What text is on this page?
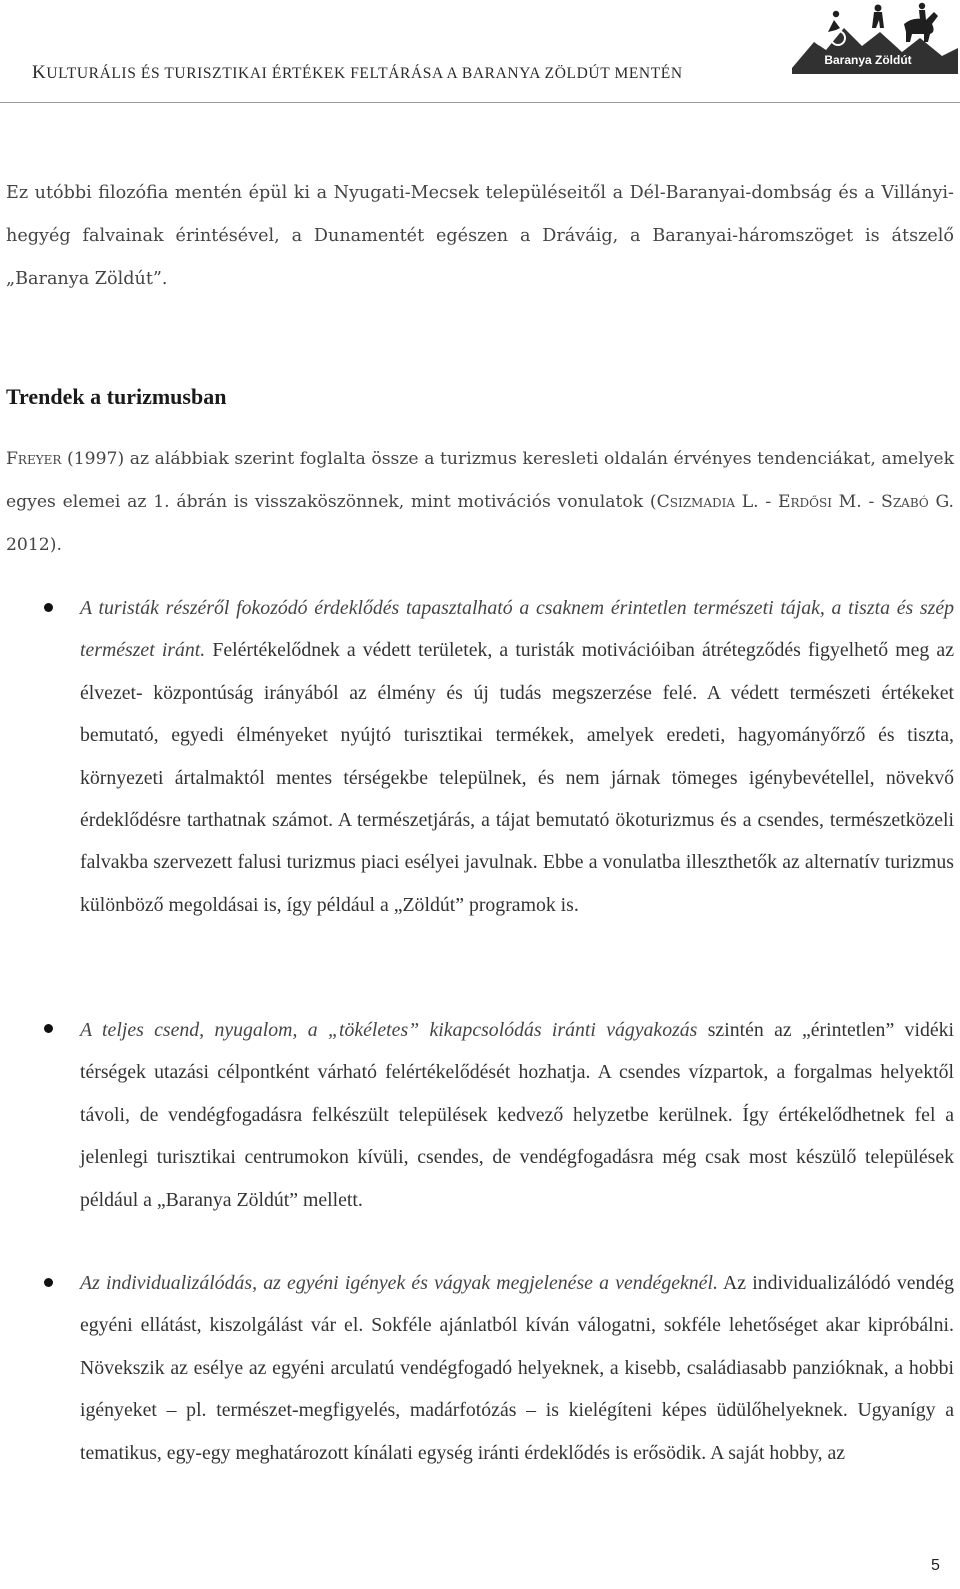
KULTURÁLIS ÉS TURISZTIKAI ÉRTÉKEK FELTÁRÁSA A BARANYA ZÖLDÚT MENTÉN
Baranya Zöldút

Ez utóbbi filozófia mentén épül ki a Nyugati-Mecsek településeitől a Dél-Baranyai-dombság és a Villányi-hegyég falvainak érintésével, a Dunamentét egészen a Dráváig, a Baranyai-háromszöget is átszelő „Baranya Zöldút”.

Trendek a turizmusban

Freyer (1997) az alábbiak szerint foglalta össze a turizmus keresleti oldalán érvényes tendenciákat, amelyek egyes elemei az 1. ábrán is visszaköszönnek, mint motivációs vonulatok (Csizmadia L. - Erdősi M. - Szabó G. 2012).

A turisták részéről fokozódó érdeklődés tapasztalható a csaknem érintetlen természeti tájak, a tiszta és szép természet iránt. Felértékelődnek a védett területek, a turisták motivációiban átrétegződés figyelhető meg az élvezet- központúság irányából az élmény és új tudás megszerzése felé. A védett természeti értékeket bemutató, egyedi élményeket nyújtó turisztikai termékek, amelyek eredeti, hagyományőrző és tiszta, környezeti ártalmaktól mentes térségekbe települnek, és nem járnak tömeges igénybevétellel, növekvő érdeklődésre tarthatnak számot. A természetjárás, a tájat bemutató ökoturizmus és a csendes, természetközeli falvakba szervezett falusi turizmus piaci esélyei javulnak. Ebbe a vonulatba illeszthetők az alternatív turizmus különböző megoldásai is, így például a „Zöldút” programok is.
A teljes csend, nyugalom, a „tökéletes” kikapcsolódás iránti vágyakozás szintén az „érintetlen” vidéki térségek utazási célpontként várható felértékelődését hozhatja. A csendes vízpartok, a forgalmas helyektől távoli, de vendégfogadásra felkészült települések kedvező helyzetbe kerülnek. Így értékelődhetnek fel a jelenlegi turisztikai centrumokon kívüli, csendes, de vendégfogadásra még csak most készülő települések például a „Baranya Zöldút” mellett.
Az individualizálódás, az egyéni igények és vágyak megjelenése a vendégeknél. Az individualizálódó vendég egyéni ellátást, kiszolgálást vár el. Sokféle ajánlatból kíván válogatni, sokféle lehetőséget akar kipróbálni. Növekszik az esélye az egyéni arculatú vendégfogadó helyeknek, a kisebb, családiasabb panzióknak, a hobbi igényeket – pl. természet-megfigyelés, madárfotózás – is kielégíteni képes üdülőhelyeknek. Ugyanígy a tematikus, egy-egy meghatározott kínálati egység iránti érdeklődés is erősödik. A saját hobby, az
5
